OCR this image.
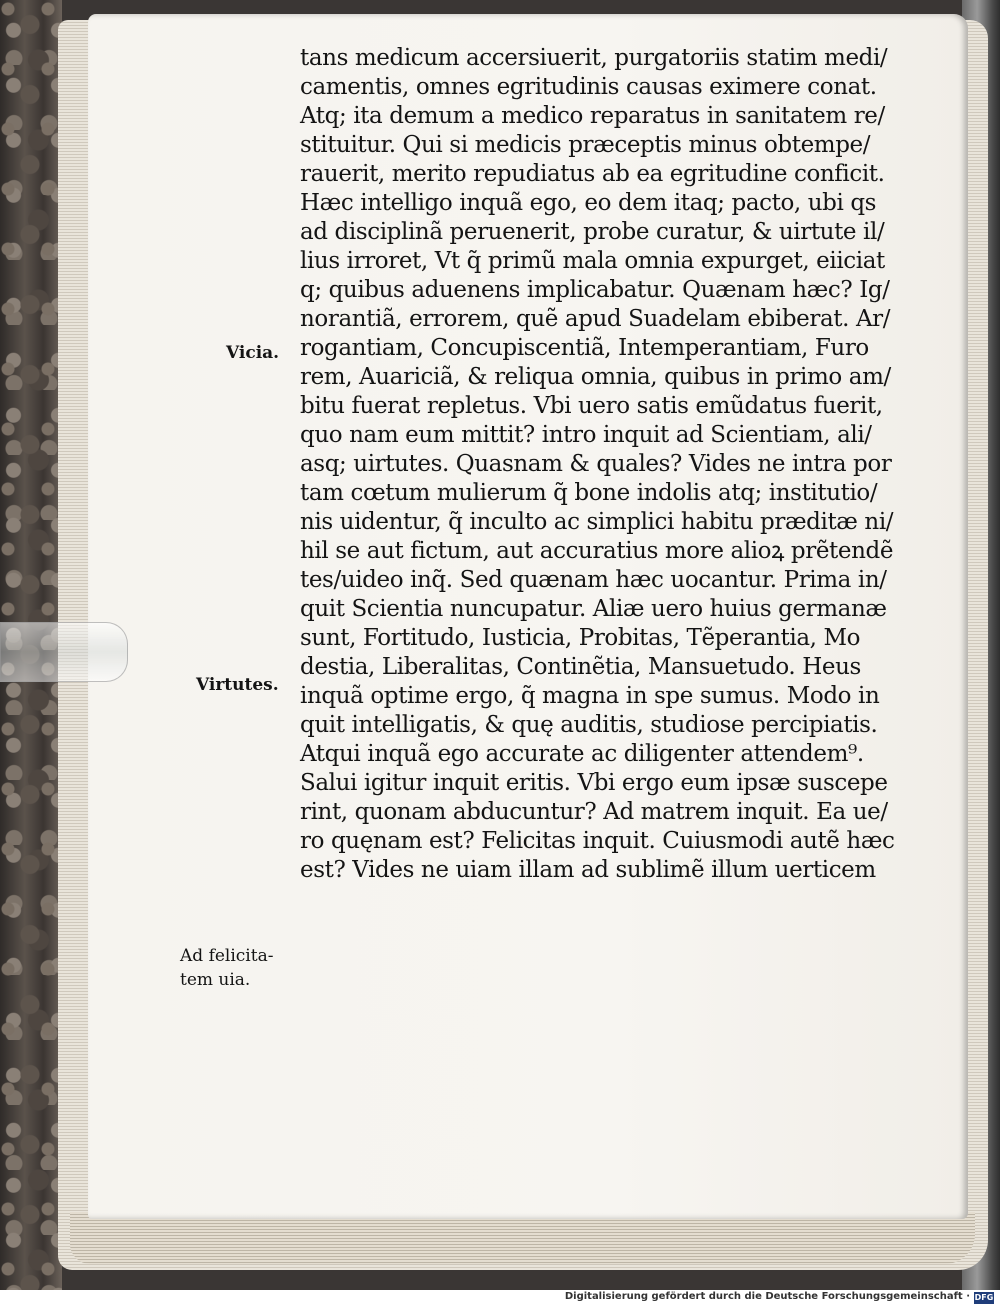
Vicia.
Virtutes.
Ad felicita-
tem uia.
tans medicum accersiuerit, purgatoriis statim medi/
camentis, omnes egritudinis causas eximere conat.
Atq; ita demum a medico reparatus in sanitatem re/
stituitur. Qui si medicis præceptis minus obtempe/
rauerit, merito repudiatus ab ea egritudine conficit.
Hæc intelligo inquã ego, eo dem itaq; pacto, ubi qs
ad disciplinã peruenerit, probe curatur, & uirtute il/
lius irroret, Vt q̃ primũ mala omnia expurget, eiiciat
q; quibus aduenens implicabatur. Quænam hæc? Ig/
norantiã, errorem, quẽ apud Suadelam ebiberat. Ar/
rogantiam, Concupiscentiã, Intemperantiam, Furo
rem, Auariciã, & reliqua omnia, quibus in primo am/
bitu fuerat repletus. Vbi uero satis emũdatus fuerit,
quo nam eum mittit? intro inquit ad Scientiam, ali/
asq; uirtutes. Quasnam & quales? Vides ne intra por
tam cœtum mulierum q̃ bone indolis atq; institutio/
nis uidentur, q̃ inculto ac simplici habitu præditæ ni/
hil se aut fictum, aut accuratius more alioꝝ prẽtendẽ
tes/uideo inq̃. Sed quænam hæc uocantur. Prima in/
quit Scientia nuncupatur. Aliæ uero huius germanæ
sunt, Fortitudo, Iusticia, Probitas, Tẽperantia, Mo
destia, Liberalitas, Continẽtia, Mansuetudo. Heus
inquã optime ergo, q̃ magna in spe sumus. Modo in
quit intelligatis, & quę auditis, studiose percipiatis.
Atqui inquã ego accurate ac diligenter attendem⁹.
Salui igitur inquit eritis. Vbi ergo eum ipsæ suscepe
rint, quonam abducuntur? Ad matrem inquit. Ea ue/
ro quęnam est? Felicitas inquit. Cuiusmodi autẽ hæc
est? Vides ne uiam illam ad sublimẽ illum uerticem
Digitalisierung gefördert durch die Deutsche Forschungsgemeinschaft · DFG
